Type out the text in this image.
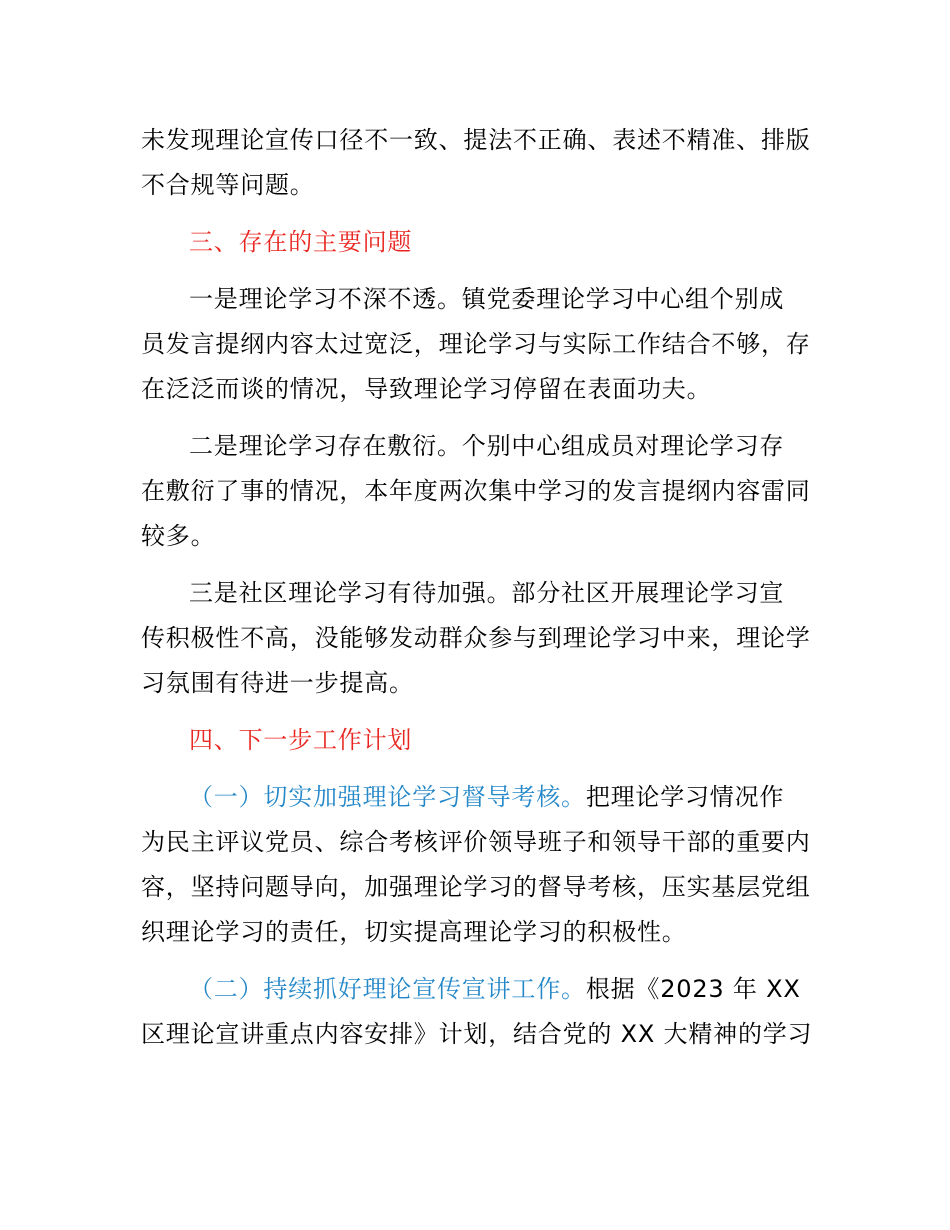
未发现理论宣传口径不一致、提法不正确、表述不精准、排版
不合规等问题。
三、存在的主要问题
一是理论学习不深不透。镇党委理论学习中心组个别成
员发言提纲内容太过宽泛，理论学习与实际工作结合不够，存
在泛泛而谈的情况，导致理论学习停留在表面功夫。
二是理论学习存在敷衍。个别中心组成员对理论学习存
在敷衍了事的情况，本年度两次集中学习的发言提纲内容雷同
较多。
三是社区理论学习有待加强。部分社区开展理论学习宣
传积极性不高，没能够发动群众参与到理论学习中来，理论学
习氛围有待进一步提高。
四、下一步工作计划
（一）切实加强理论学习督导考核。把理论学习情况作
为民主评议党员、综合考核评价领导班子和领导干部的重要内
容，坚持问题导向，加强理论学习的督导考核，压实基层党组
织理论学习的责任，切实提高理论学习的积极性。
（二）持续抓好理论宣传宣讲工作。根据《2023 年 XX
区理论宣讲重点内容安排》计划，结合党的 XX 大精神的学习
